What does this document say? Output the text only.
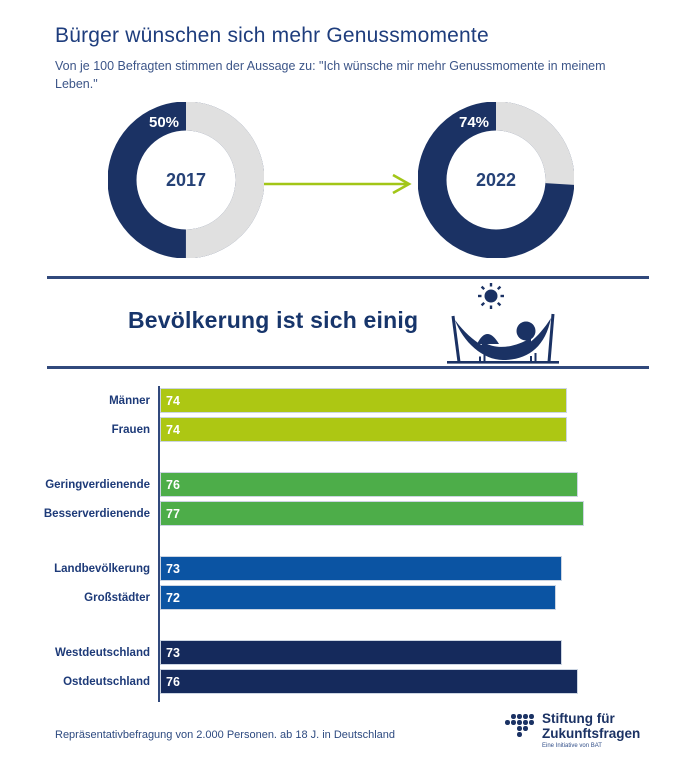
Bürger wünschen sich mehr Genussmomente
Von je 100 Befragten stimmen der Aussage zu: "Ich wünsche mir mehr Genussmomente in meinem Leben."
50%
2017
74%
2022
Bevölkerung ist sich einig
Männer	74
Frauen	74
Geringverdienende	76
Besserverdienende	77
Landbevölkerung	73
Großstädter	72
Westdeutschland	73
Ostdeutschland	76
Repräsentativbefragung von 2.000 Personen. ab 18 J. in Deutschland
Stiftung für
Zukunftsfragen
Eine Initiative von BAT
